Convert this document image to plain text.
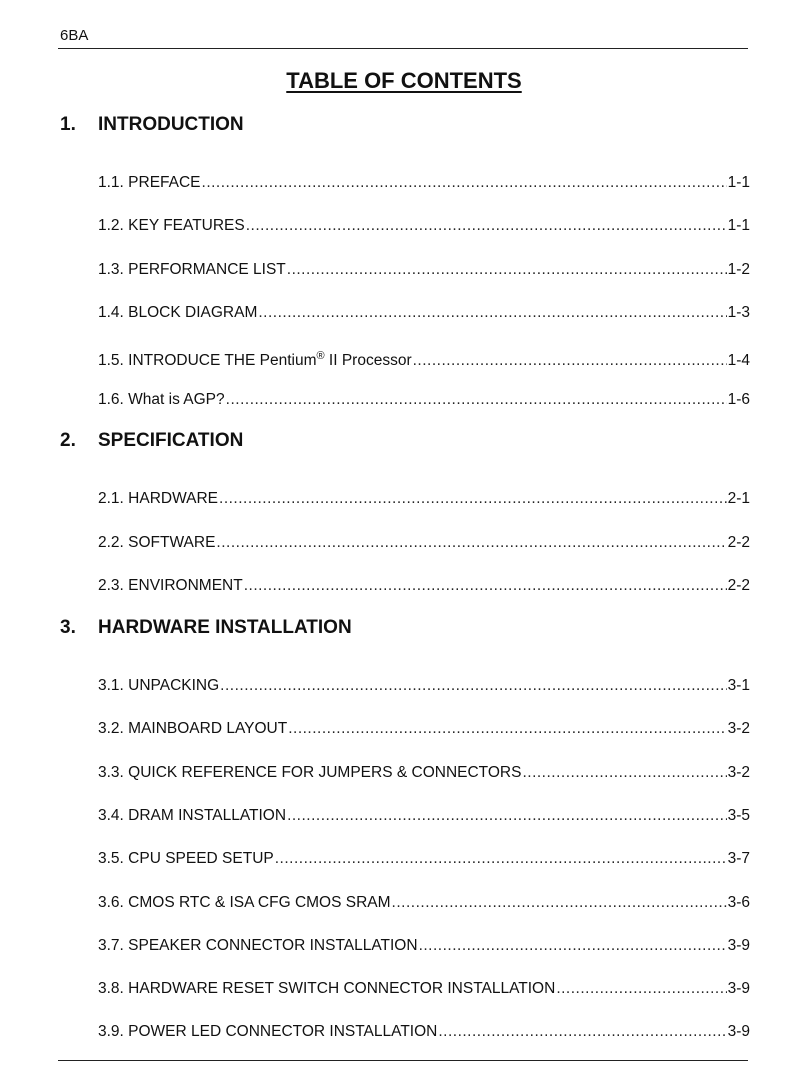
6BA
TABLE OF CONTENTS
1.	INTRODUCTION
1.1. PREFACE .....	1-1
1.2. KEY FEATURES .....	1-1
1.3. PERFORMANCE LIST .....	1-2
1.4. BLOCK DIAGRAM .....	1-3
1.5. INTRODUCE THE Pentium® II Processor .....	1-4
1.6. What is AGP? .....	1-6
2.	SPECIFICATION
2.1. HARDWARE .....	2-1
2.2. SOFTWARE .....	2-2
2.3. ENVIRONMENT .....	2-2
3.	HARDWARE INSTALLATION
3.1. UNPACKING .....	3-1
3.2. MAINBOARD LAYOUT .....	3-2
3.3. QUICK REFERENCE FOR JUMPERS & CONNECTORS .....	3-2
3.4. DRAM INSTALLATION .....	3-5
3.5. CPU SPEED SETUP .....	3-7
3.6. CMOS RTC & ISA CFG CMOS SRAM .....	3-6
3.7. SPEAKER CONNECTOR INSTALLATION .....	3-9
3.8. HARDWARE RESET SWITCH CONNECTOR INSTALLATION .....	3-9
3.9. POWER LED CONNECTOR INSTALLATION .....	3-9
